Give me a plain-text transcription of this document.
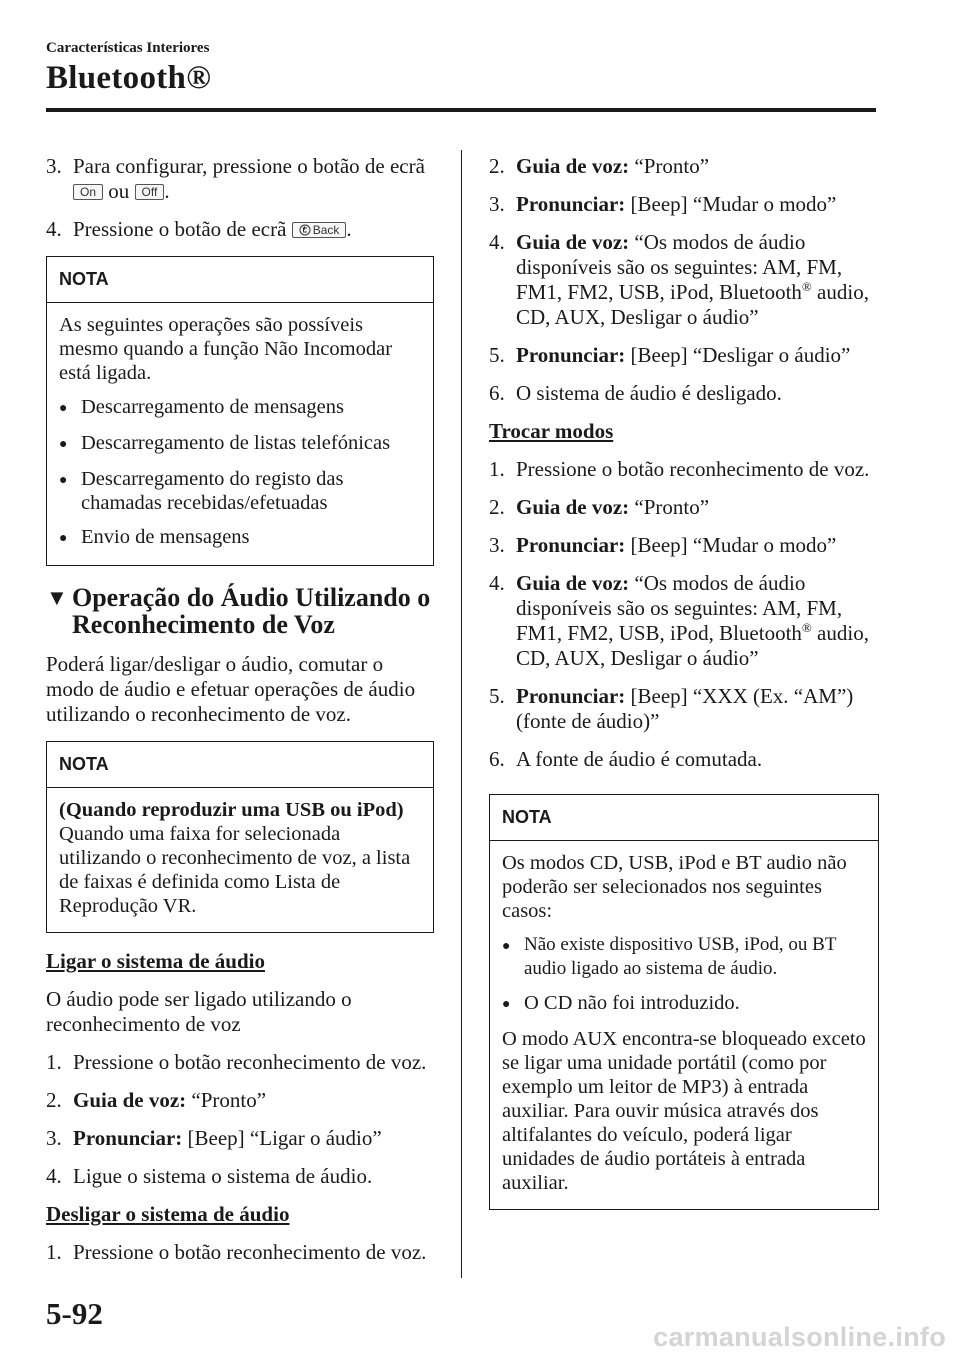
Características Interiores
Bluetooth®
3. Para configurar, pressione o botão de ecrã On ou Off .
4. Pressione o botão de ecrã Back .
NOTA

As seguintes operações são possíveis mesmo quando a função Não Incomodar está ligada.

● Descarregamento de mensagens
● Descarregamento de listas telefónicas
● Descarregamento do registo das chamadas recebidas/efetuadas
● Envio de mensagens
▼ Operação do Áudio Utilizando o Reconhecimento de Voz

Poderá ligar/desligar o áudio, comutar o modo de áudio e efetuar operações de áudio utilizando o reconhecimento de voz.

NOTA
(Quando reproduzir uma USB ou iPod)

Quando uma faixa for selecionada utilizando o reconhecimento de voz, a lista de faixas é definida como Lista de Reprodução VR.

Ligar o sistema de áudio

O áudio pode ser ligado utilizando o reconhecimento de voz

1. Pressione o botão reconhecimento de voz.
2. Guia de voz: “Pronto”
3. Pronunciar: [Beep] “Ligar o áudio”
4. Ligue o sistema o sistema de áudio.

Desligar o sistema de áudio

1. Pressione o botão reconhecimento de voz.
2. Guia de voz: “Pronto”
3. Pronunciar: [Beep] “Mudar o modo”
4. Guia de voz: “Os modos de áudio disponíveis são os seguintes: AM, FM, FM1, FM2, USB, iPod, Bluetooth® audio, CD, AUX, Desligar o áudio”
5. Pronunciar: [Beep] “Desligar o áudio”
6. O sistema de áudio é desligado.

Trocar modos

1. Pressione o botão reconhecimento de voz.
2. Guia de voz: “Pronto”
3. Pronunciar: [Beep] “Mudar o modo”
4. Guia de voz: “Os modos de áudio disponíveis são os seguintes: AM, FM, FM1, FM2, USB, iPod, Bluetooth® audio, CD, AUX, Desligar o áudio”
5. Pronunciar: [Beep] “XXX (Ex. “AM”) (fonte de áudio)”
6. A fonte de áudio é comutada.
NOTA

Os modos CD, USB, iPod e BT audio não poderão ser selecionados nos seguintes casos:

● Não existe dispositivo USB, iPod, ou BT audio ligado ao sistema de áudio.
● O CD não foi introduzido.

O modo AUX encontra-se bloqueado exceto se ligar uma unidade portátil (como por exemplo um leitor de MP3) à entrada auxiliar. Para ouvir música através dos altifalantes do veículo, poderá ligar unidades de áudio portáteis à entrada auxiliar.

5-92
carmanualsonline.info
